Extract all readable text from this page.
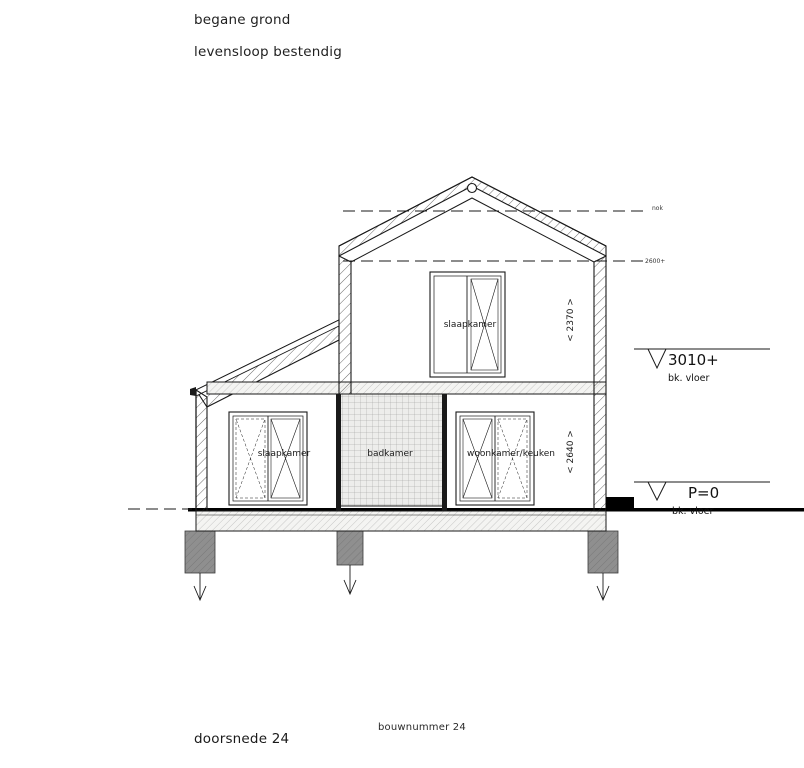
begane grond
levensloop bestendig
slaapkamer
slaapkamer	badkamer	woonkamer/keuken
< 2370 >
< 2640 >
3010+
bk. vloer
P=0
bk. vloer
nok
2600+
doorsnede 24
bouwnummer 24
